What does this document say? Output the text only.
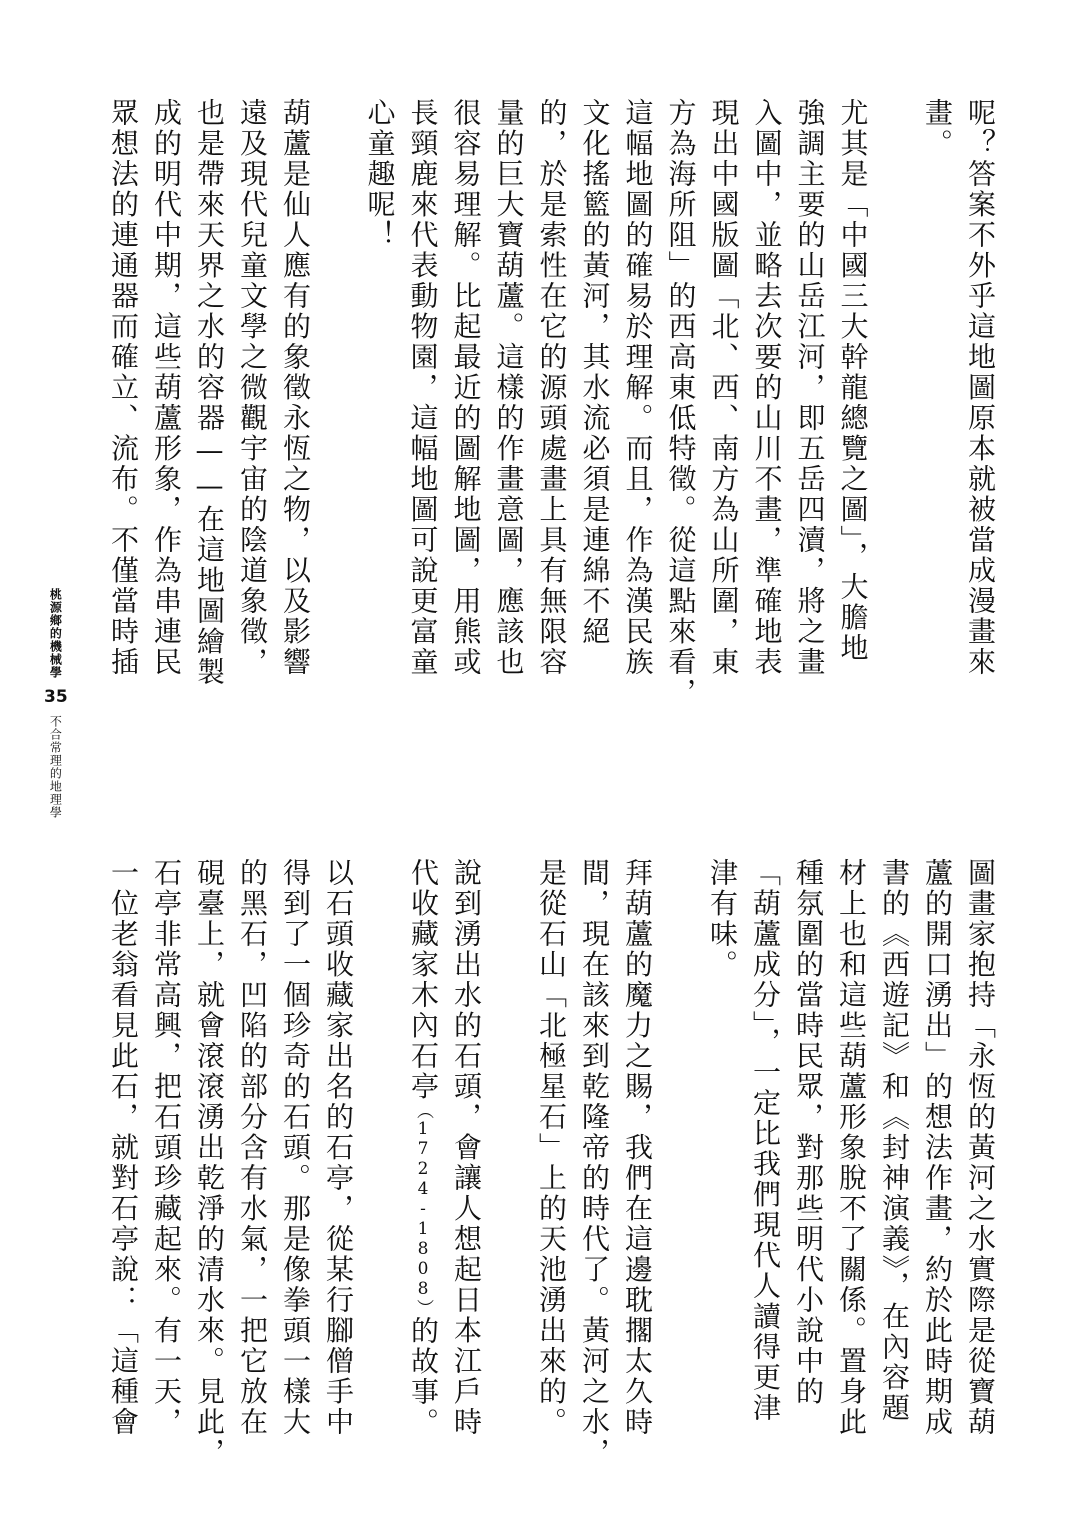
呢？答案不外乎這地圖原本就被當成漫畫來
畫。
尤其是「中國三大幹龍總覽之圖」，大膽地
強調主要的山岳江河，即五岳四瀆，將之畫
入圖中，並略去次要的山川不畫，準確地表
現出中國版圖「北、西、南方為山所圍，東
方為海所阻」的西高東低特徵。從這點來看，
這幅地圖的確易於理解。而且，作為漢民族
文化搖籃的黃河，其水流必須是連綿不絕
的，於是索性在它的源頭處畫上具有無限容
量的巨大寶葫蘆。這樣的作畫意圖，應該也
很容易理解。比起最近的圖解地圖，用熊或
長頸鹿來代表動物園，這幅地圖可說更富童
心童趣呢！
葫蘆是仙人應有的象徵永恆之物，以及影響
遠及現代兒童文學之微觀宇宙的陰道象徵，
也是帶來天界之水的容器——在這地圖繪製
成的明代中期，這些葫蘆形象，作為串連民
眾想法的連通器而確立、流布。不僅當時插
圖畫家抱持「永恆的黃河之水實際是從寶葫
蘆的開口湧出」的想法作畫，約於此時期成
書的《西遊記》和《封神演義》，在內容題
材上也和這些葫蘆形象脫不了關係。置身此
種氛圍的當時民眾，對那些明代小說中的
「葫蘆成分」，一定比我們現代人讀得更津
津有味。
拜葫蘆的魔力之賜，我們在這邊耽擱太久時
間，現在該來到乾隆帝的時代了。黃河之水，
是從石山「北極星石」上的天池湧出來的。
說到湧出水的石頭，會讓人想起日本江戶時
代收藏家木內石亭（1724-1808）的故事。
以石頭收藏家出名的石亭，從某行腳僧手中
得到了一個珍奇的石頭。那是像拳頭一樣大
的黑石，凹陷的部分含有水氣，一把它放在
硯臺上，就會滾滾湧出乾淨的清水來。見此，
石亭非常高興，把石頭珍藏起來。有一天，
一位老翁看見此石，就對石亭說：「這種會
桃源鄉的機械學
35
不合常理的地理學
